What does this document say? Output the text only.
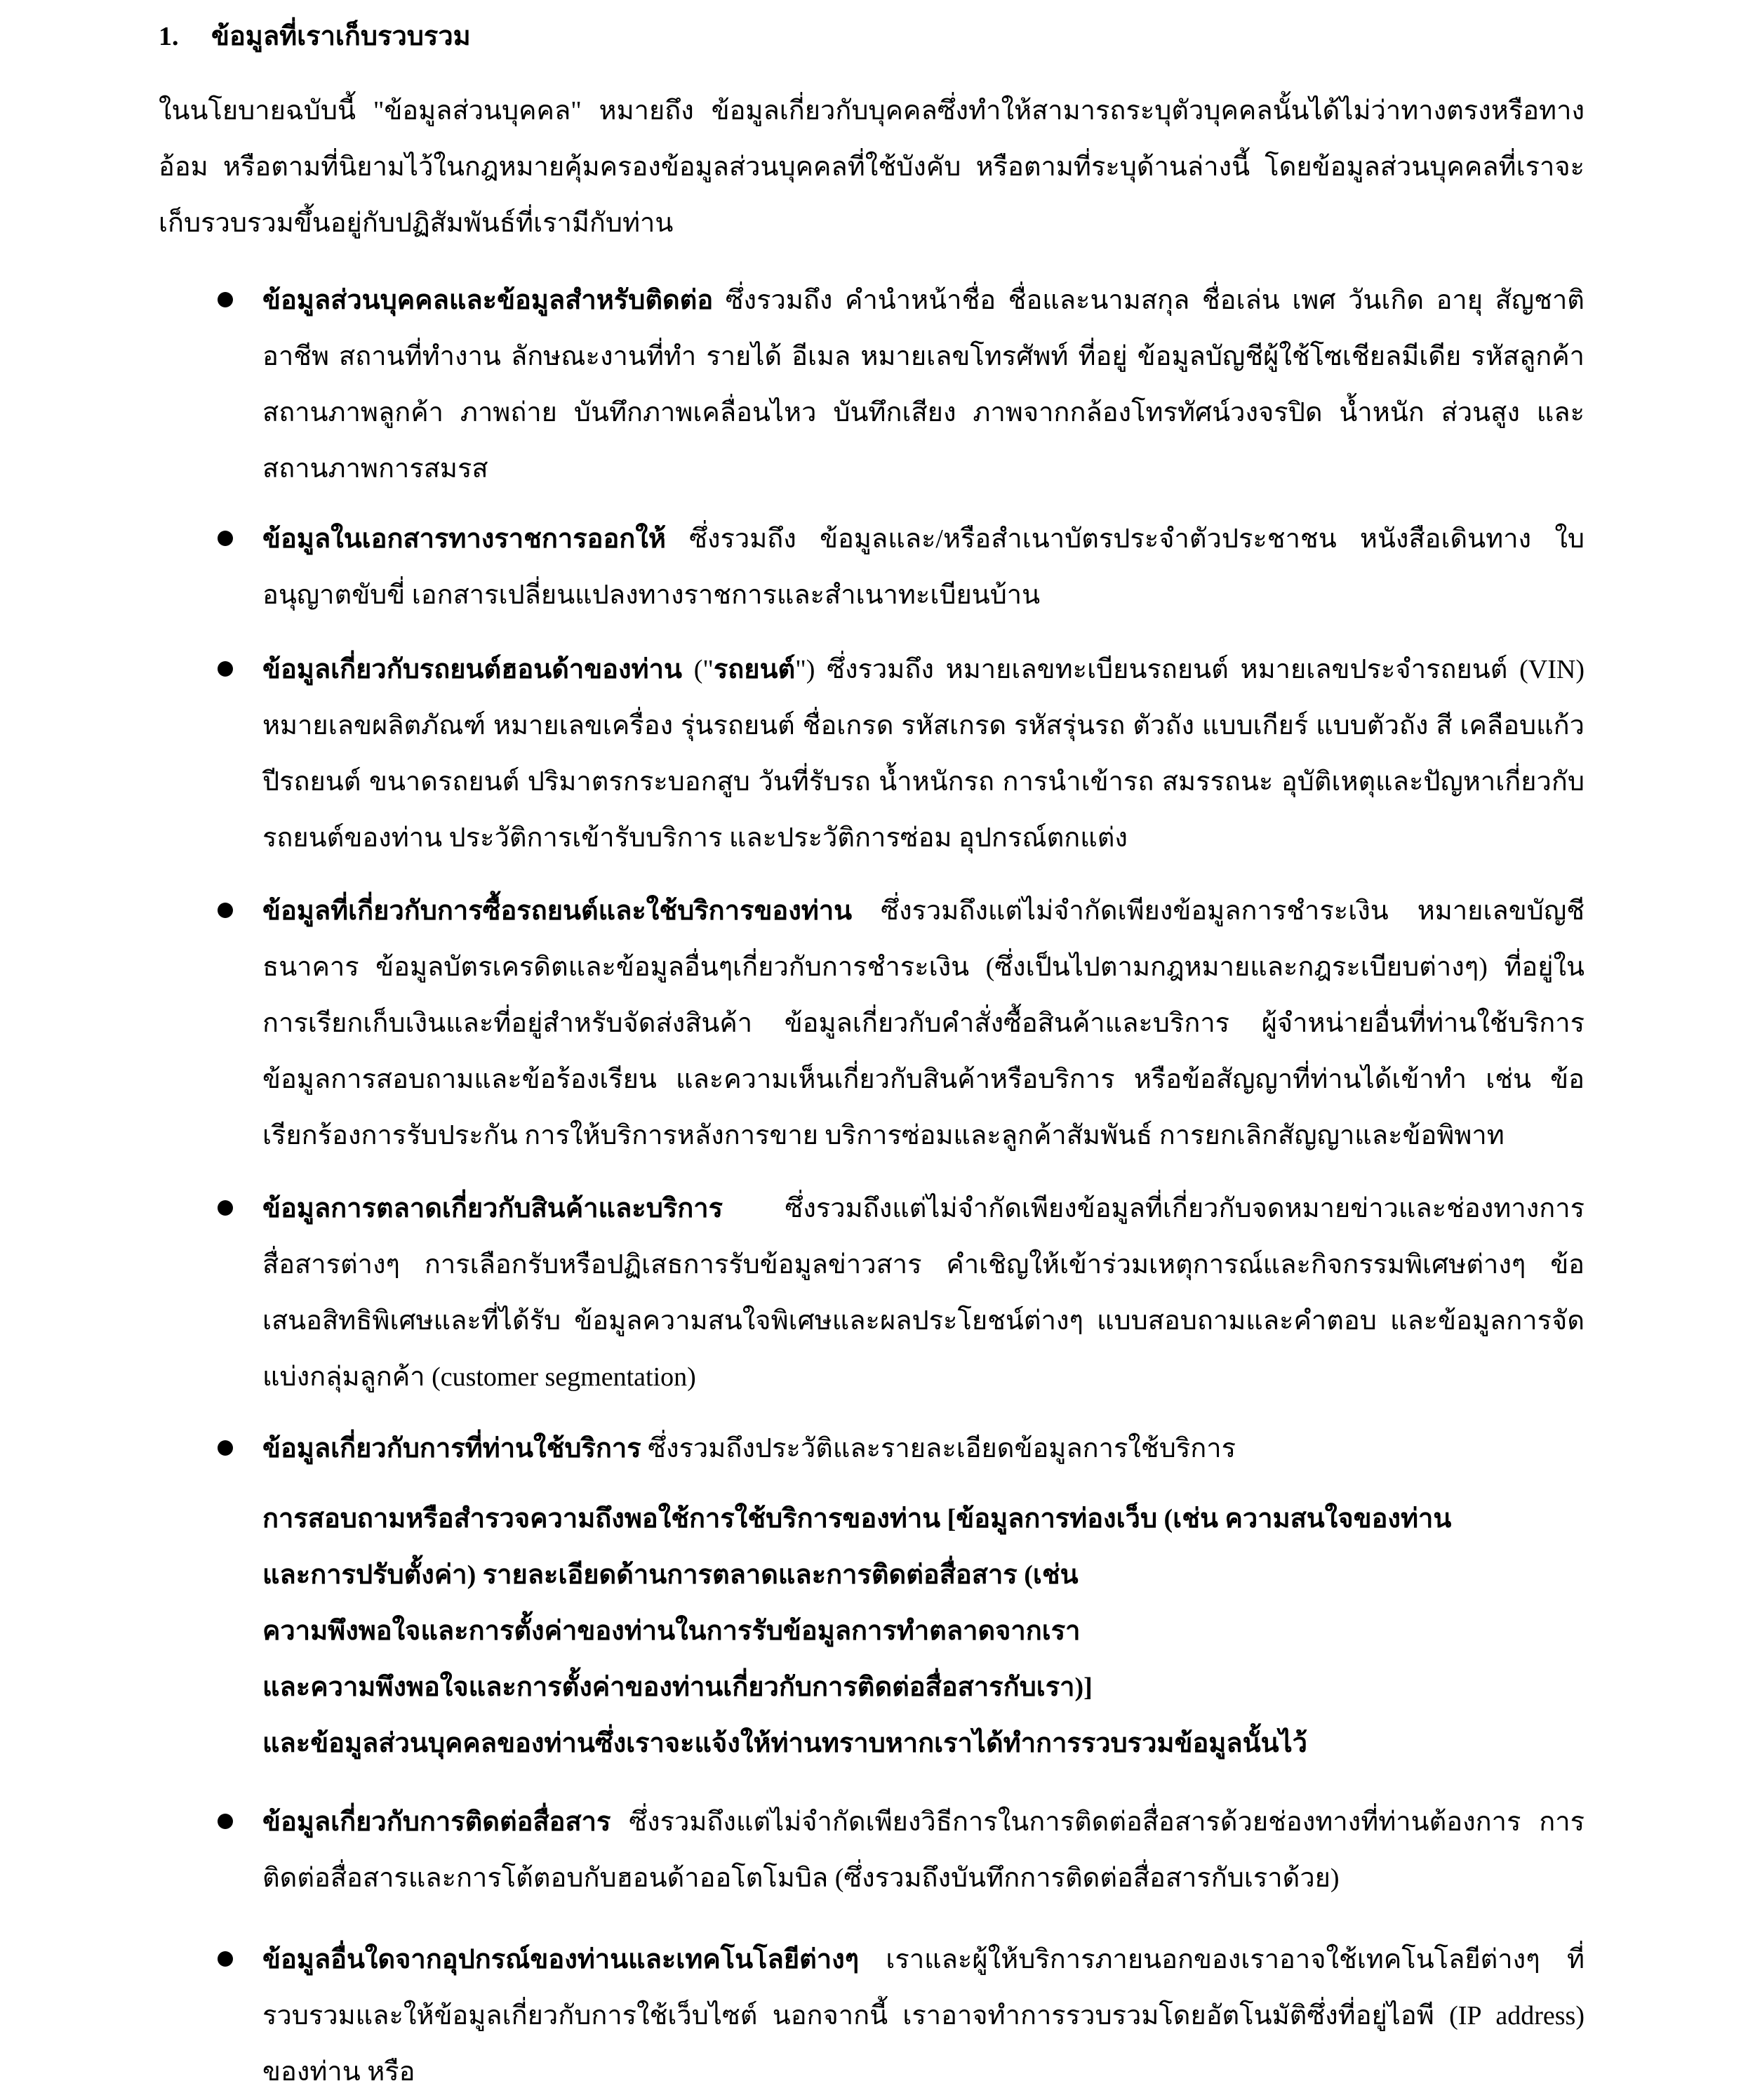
1. ข้อมูลที่เราเก็บรวบรวม

ในนโยบายฉบับนี้ "ข้อมูลส่วนบุคคล" หมายถึง ข้อมูลเกี่ยวกับบุคคลซึ่งทำให้สามารถระบุตัวบุคคลนั้นได้ไม่ว่าทางตรงหรือทางอ้อม หรือตามที่นิยามไว้ในกฎหมายคุ้มครองข้อมูลส่วนบุคคลที่ใช้บังคับ หรือตามที่ระบุด้านล่างนี้ โดยข้อมูลส่วนบุคคลที่เราจะเก็บรวบรวมขึ้นอยู่กับปฏิสัมพันธ์ที่เรามีกับท่าน

ข้อมูลส่วนบุคคลและข้อมูลสำหรับติดต่อ ซึ่งรวมถึง คำนำหน้าชื่อ ชื่อและนามสกุล ชื่อเล่น เพศ วันเกิด อายุ สัญชาติ อาชีพ สถานที่ทำงาน ลักษณะงานที่ทำ รายได้ อีเมล หมายเลขโทรศัพท์ ที่อยู่ ข้อมูลบัญชีผู้ใช้โซเชียลมีเดีย รหัสลูกค้า สถานภาพลูกค้า ภาพถ่าย บันทึกภาพเคลื่อนไหว บันทึกเสียง ภาพจากกล้องโทรทัศน์วงจรปิด น้ำหนัก ส่วนสูง และสถานภาพการสมรส
ข้อมูลในเอกสารทางราชการออกให้ ซึ่งรวมถึง ข้อมูลและ/หรือสำเนาบัตรประจำตัวประชาชน หนังสือเดินทาง ใบอนุญาตขับขี่ เอกสารเปลี่ยนแปลงทางราชการและสำเนาทะเบียนบ้าน
ข้อมูลเกี่ยวกับรถยนต์ฮอนด้าของท่าน ("รถยนต์") ซึ่งรวมถึง หมายเลขทะเบียนรถยนต์ หมายเลขประจำรถยนต์ (VIN) หมายเลขผลิตภัณฑ์ หมายเลขเครื่อง รุ่นรถยนต์ ชื่อเกรด รหัสเกรด รหัสรุ่นรถ ตัวถัง แบบเกียร์ แบบตัวถัง สี เคลือบแก้ว ปีรถยนต์ ขนาดรถยนต์ ปริมาตรกระบอกสูบ วันที่รับรถ น้ำหนักรถ การนำเข้ารถ สมรรถนะ อุบัติเหตุและปัญหาเกี่ยวกับรถยนต์ของท่าน ประวัติการเข้ารับบริการ และประวัติการซ่อม อุปกรณ์ตกแต่ง
ข้อมูลที่เกี่ยวกับการซื้อรถยนต์และใช้บริการของท่าน ซึ่งรวมถึงแต่ไม่จำกัดเพียงข้อมูลการชำระเงิน หมายเลขบัญชีธนาคาร ข้อมูลบัตรเครดิตและข้อมูลอื่นๆเกี่ยวกับการชำระเงิน (ซึ่งเป็นไปตามกฎหมายและกฎระเบียบต่างๆ) ที่อยู่ในการเรียกเก็บเงินและที่อยู่สำหรับจัดส่งสินค้า ข้อมูลเกี่ยวกับคำสั่งซื้อสินค้าและบริการ ผู้จำหน่ายอื่นที่ท่านใช้บริการ ข้อมูลการสอบถามและข้อร้องเรียน และความเห็นเกี่ยวกับสินค้าหรือบริการ หรือข้อสัญญาที่ท่านได้เข้าทำ เช่น ข้อเรียกร้องการรับประกัน การให้บริการหลังการขาย บริการซ่อมและลูกค้าสัมพันธ์ การยกเลิกสัญญาและข้อพิพาท
ข้อมูลการตลาดเกี่ยวกับสินค้าและบริการ ซึ่งรวมถึงแต่ไม่จำกัดเพียงข้อมูลที่เกี่ยวกับจดหมายข่าวและช่องทางการสื่อสารต่างๆ การเลือกรับหรือปฏิเสธการรับข้อมูลข่าวสาร คำเชิญให้เข้าร่วมเหตุการณ์และกิจกรรมพิเศษต่างๆ ข้อเสนอสิทธิพิเศษและที่ได้รับ ข้อมูลความสนใจพิเศษและผลประโยชน์ต่างๆ แบบสอบถามและคำตอบ และข้อมูลการจัดแบ่งกลุ่มลูกค้า (customer segmentation)
ข้อมูลเกี่ยวกับการที่ท่านใช้บริการ ซึ่งรวมถึงประวัติและรายละเอียดข้อมูลการใช้บริการ
การสอบถามหรือสำรวจความถึงพอใช้การใช้บริการของท่าน [ข้อมูลการท่องเว็บ (เช่น ความสนใจของท่าน
และการปรับตั้งค่า) รายละเอียดด้านการตลาดและการติดต่อสื่อสาร (เช่น
ความพึงพอใจและการตั้งค่าของท่านในการรับข้อมูลการทำตลาดจากเรา
และความพึงพอใจและการตั้งค่าของท่านเกี่ยวกับการติดต่อสื่อสารกับเรา)]
และข้อมูลส่วนบุคคลของท่านซึ่งเราจะแจ้งให้ท่านทราบหากเราได้ทำการรวบรวมข้อมูลนั้นไว้
ข้อมูลเกี่ยวกับการติดต่อสื่อสาร ซึ่งรวมถึงแต่ไม่จำกัดเพียงวิธีการในการติดต่อสื่อสารด้วยช่องทางที่ท่านต้องการ การติดต่อสื่อสารและการโต้ตอบกับฮอนด้าออโตโมบิล (ซึ่งรวมถึงบันทึกการติดต่อสื่อสารกับเราด้วย)
ข้อมูลอื่นใดจากอุปกรณ์ของท่านและเทคโนโลยีต่างๆ เราและผู้ให้บริการภายนอกของเราอาจใช้เทคโนโลยีต่างๆ ที่รวบรวมและให้ข้อมูลเกี่ยวกับการใช้เว็บไซต์ นอกจากนี้ เราอาจทำการรวบรวมโดยอัตโนมัติซึ่งที่อยู่ไอพี (IP address) ของท่าน หรือ
